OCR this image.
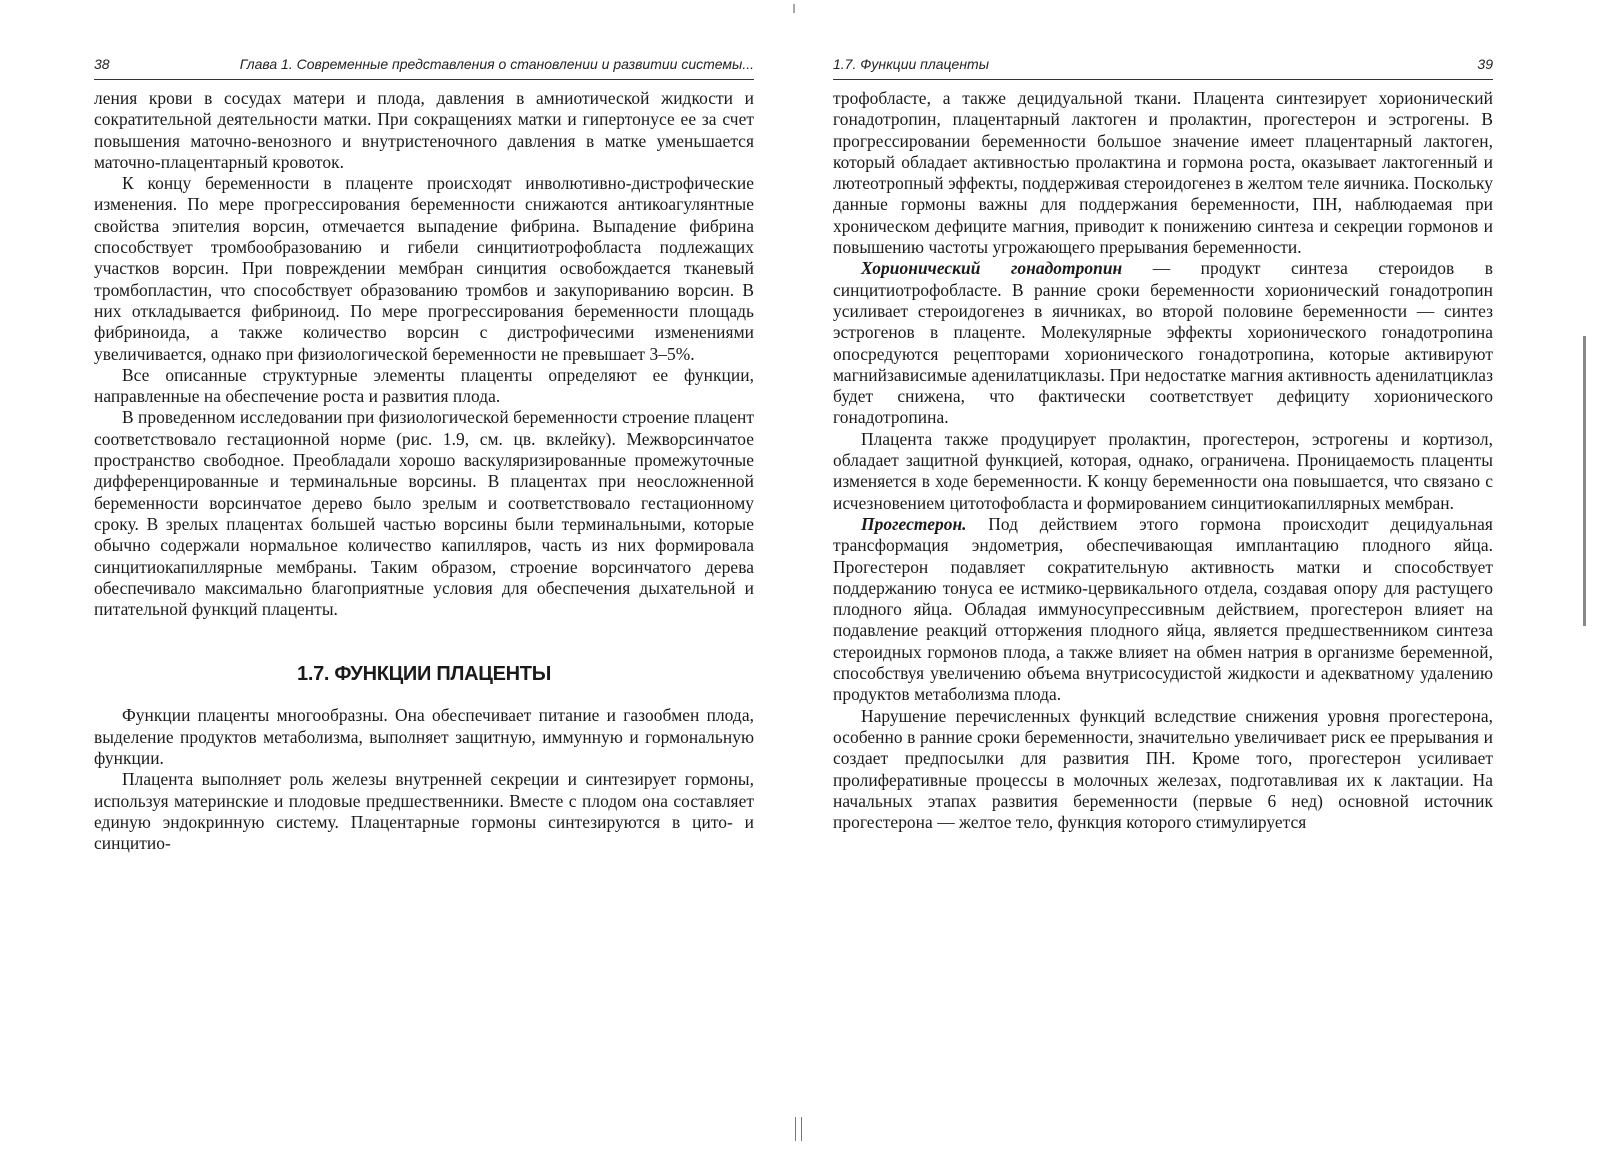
38	Глава 1. Современные представления о становлении и развитии системы...

ления крови в сосудах матери и плода, давления в амниотической жидкости и сократительной деятельности матки. При сокращениях матки и гипертонусе ее за счет повышения маточно-венозного и внутристеночного давления в матке уменьшается маточно-плацентарный кровоток.

К концу беременности в плаценте происходят инволютивно-дистрофические изменения. По мере прогрессирования беременности снижаются антикоагулянтные свойства эпителия ворсин, отмечается выпадение фибрина. Выпадение фибрина способствует тромбообразованию и гибели синцитиотрофобласта подлежащих участков ворсин. При повреждении мембран синцития освобождается тканевый тромбопластин, что способствует образованию тромбов и закупориванию ворсин. В них откладывается фибриноид. По мере прогрессирования беременности площадь фибриноида, а также количество ворсин с дистрофичесими изменениями увеличивается, однако при физиологической беременности не превышает 3–5%.

Все описанные структурные элементы плаценты определяют ее функции, направленные на обеспечение роста и развития плода.

В проведенном исследовании при физиологической беременности строение плацент соответствовало гестационной норме (рис. 1.9, см. цв. вклейку). Межворсинчатое пространство свободное. Преобладали хорошо васкуляризированные промежуточные дифференцированные и терминальные ворсины. В плацентах при неосложненной беременности ворсинчатое дерево было зрелым и соответствовало гестационному сроку. В зрелых плацентах большей частью ворсины были терминальными, которые обычно содержали нормальное количество капилляров, часть из них формировала синцитиокапиллярные мембраны. Таким образом, строение ворсинчатого дерева обеспечивало максимально благоприятные условия для обеспечения дыхательной и питательной функций плаценты.

1.7. ФУНКЦИИ ПЛАЦЕНТЫ

Функции плаценты многообразны. Она обеспечивает питание и газообмен плода, выделение продуктов метаболизма, выполняет защитную, иммунную и гормональную функции.

Плацента выполняет роль железы внутренней секреции и синтезирует гормоны, используя материнские и плодовые предшественники. Вместе с плодом она составляет единую эндокринную систему. Плацентарные гормоны синтезируются в цито- и синцитио-

1.7. Функции плаценты	39

трофобласте, а также децидуальной ткани. Плацента синтезирует хорионический гонадотропин, плацентарный лактоген и пролактин, прогестерон и эстрогены. В прогрессировании беременности большое значение имеет плацентарный лактоген, который обладает активностью пролактина и гормона роста, оказывает лактогенный и лютеотропный эффекты, поддерживая стероидогенез в желтом теле яичника. Поскольку данные гормоны важны для поддержания беременности, ПН, наблюдаемая при хроническом дефиците магния, приводит к понижению синтеза и секреции гормонов и повышению частоты угрожающего прерывания беременности.

Хорионический гонадотропин — продукт синтеза стероидов в синцитиотрофобласте. В ранние сроки беременности хорионический гонадотропин усиливает стероидогенез в яичниках, во второй половине беременности — синтез эстрогенов в плаценте. Молекулярные эффекты хорионического гонадотропина опосредуются рецепторами хорионического гонадотропина, которые активируют магнийзависимые аденилатциклазы. При недостатке магния активность аденилатциклаз будет снижена, что фактически соответствует дефициту хорионического гонадотропина.

Плацента также продуцирует пролактин, прогестерон, эстрогены и кортизол, обладает защитной функцией, которая, однако, ограничена. Проницаемость плаценты изменяется в ходе беременности. К концу беременности она повышается, что связано с исчезновением цитотофобласта и формированием синцитиокапиллярных мембран.

Прогестерон. Под действием этого гормона происходит децидуальная трансформация эндометрия, обеспечивающая имплантацию плодного яйца. Прогестерон подавляет сократительную активность матки и способствует поддержанию тонуса ее истмико-цервикального отдела, создавая опору для растущего плодного яйца. Обладая иммуносупрессивным действием, прогестерон влияет на подавление реакций отторжения плодного яйца, является предшественником синтеза стероидных гормонов плода, а также влияет на обмен натрия в организме беременной, способствуя увеличению объема внутрисосудистой жидкости и адекватному удалению продуктов метаболизма плода.

Нарушение перечисленных функций вследствие снижения уровня прогестерона, особенно в ранние сроки беременности, значительно увеличивает риск ее прерывания и создает предпосылки для развития ПН. Кроме того, прогестерон усиливает пролиферативные процессы в молочных железах, подготавливая их к лактации. На начальных этапах развития беременности (первые 6 нед) основной источник прогестерона — желтое тело, функция которого стимулируется
